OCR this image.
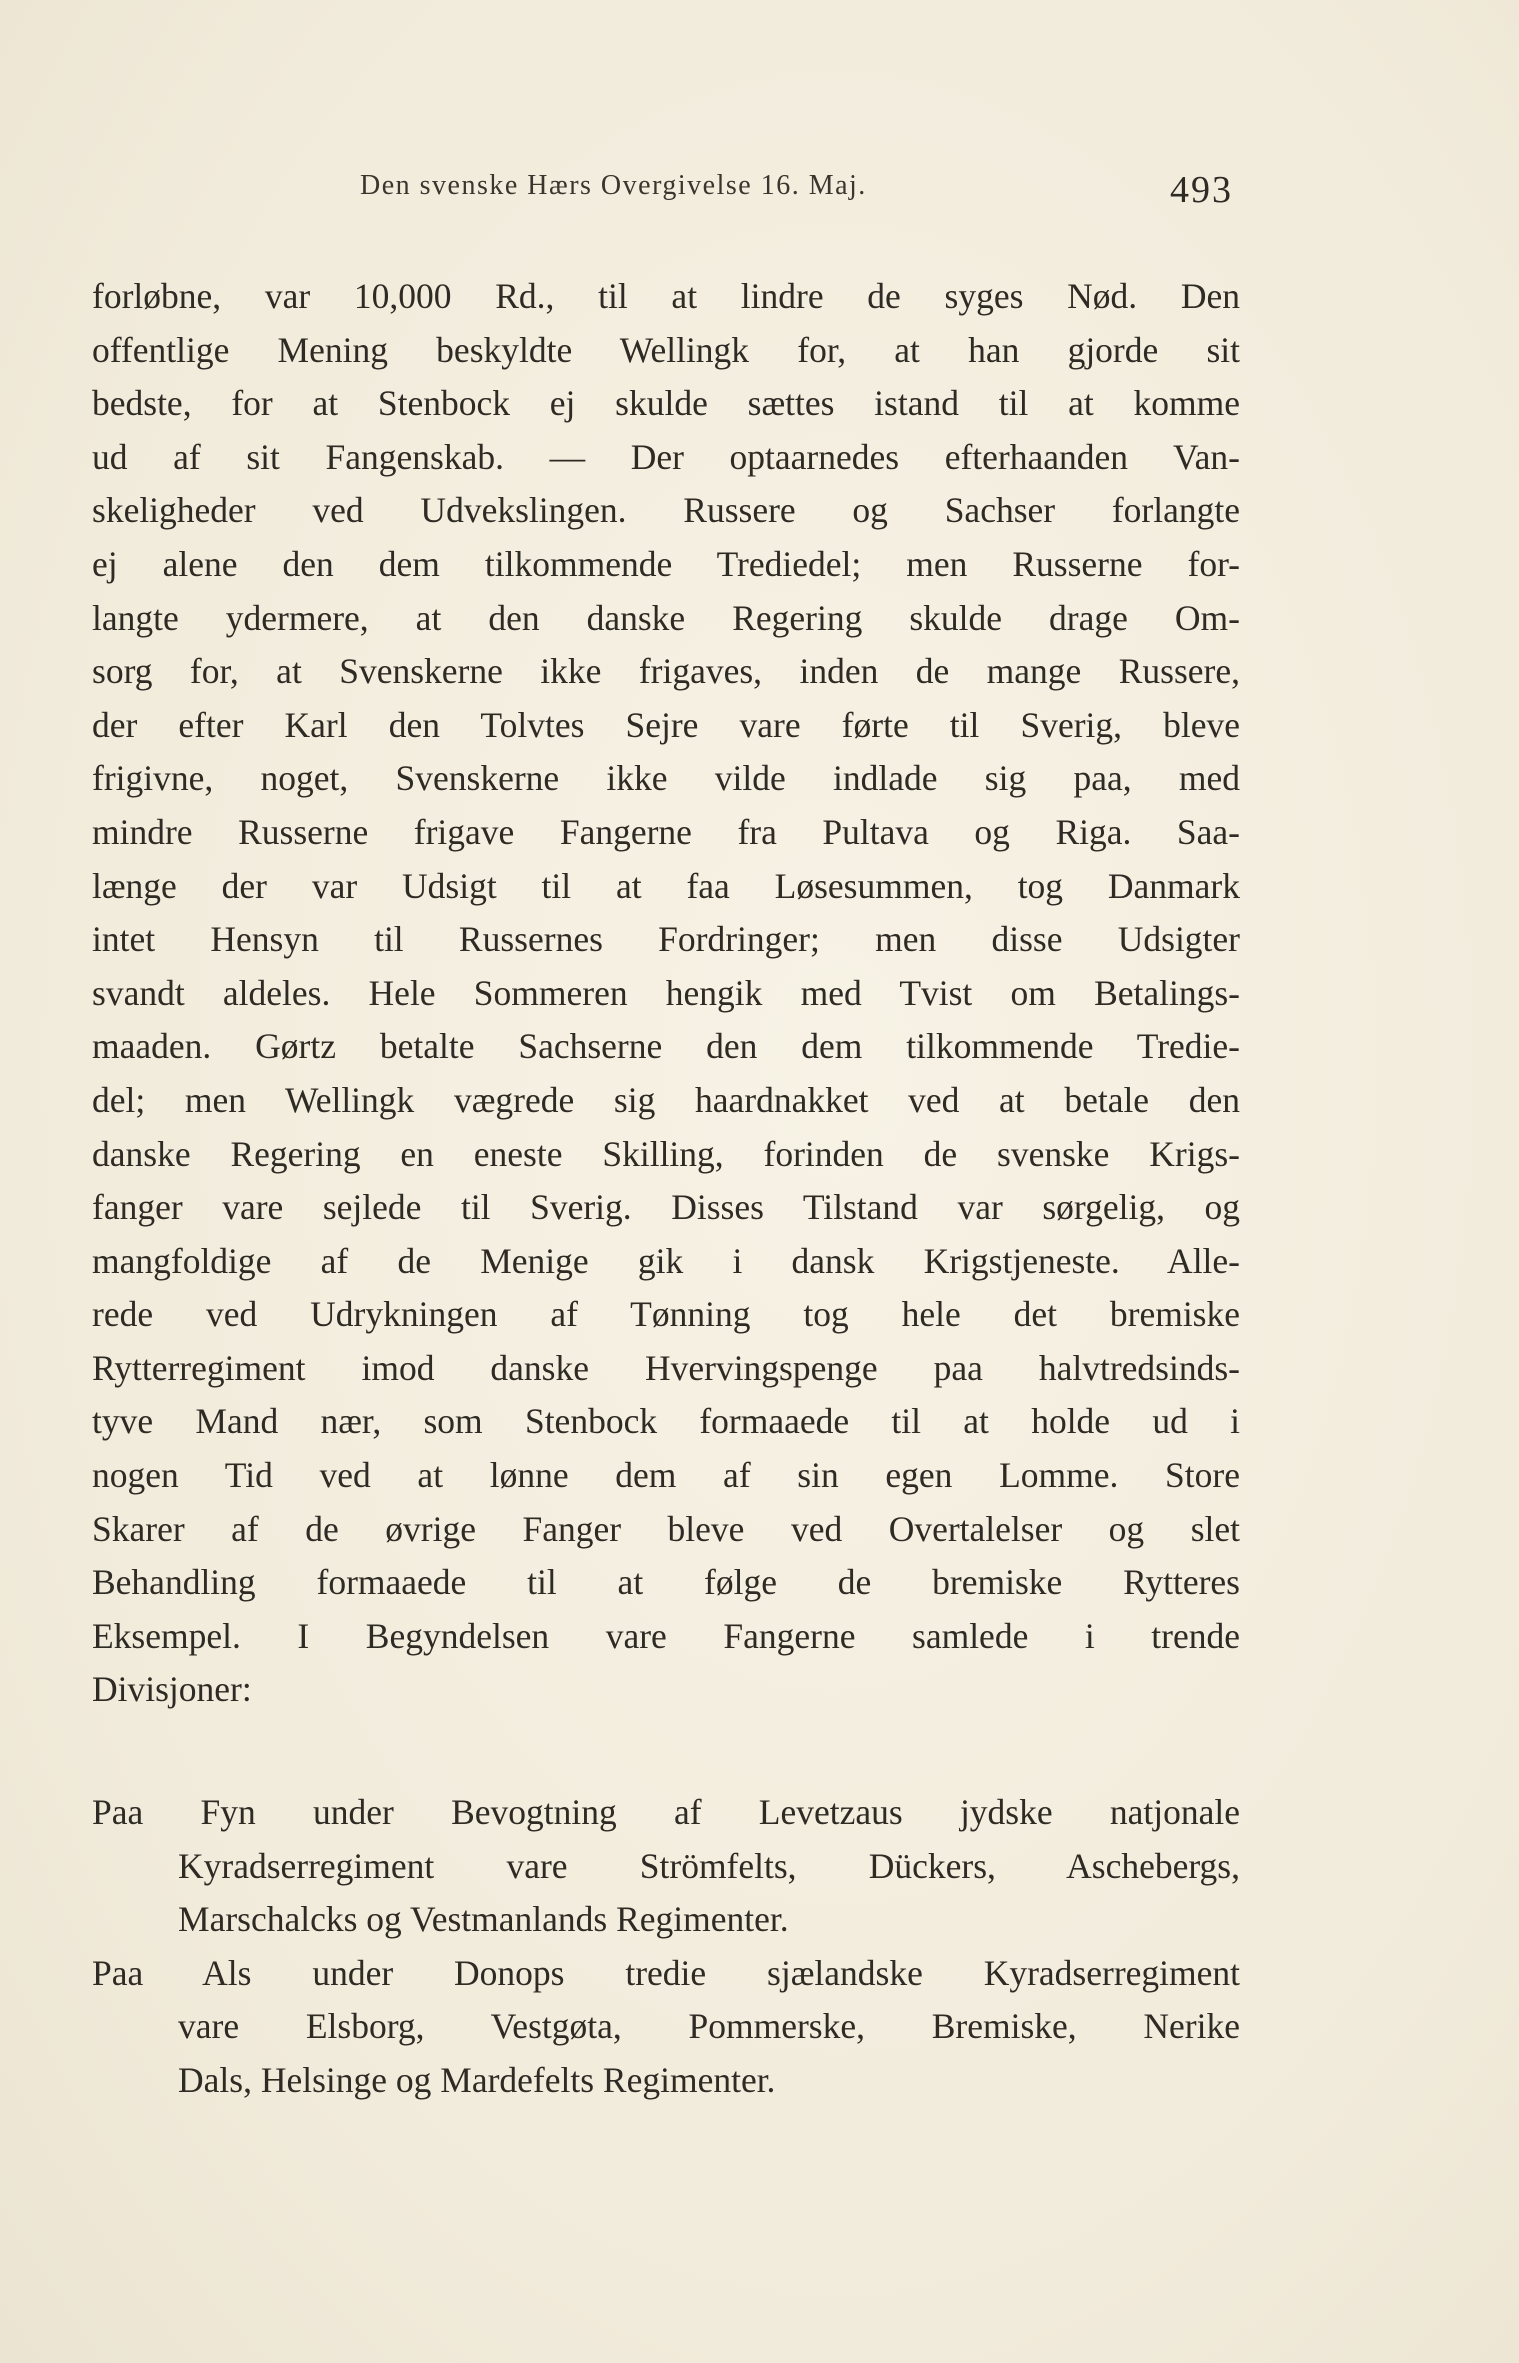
Den svenske Hærs Overgivelse 16. Maj.	493
forløbne, var 10,000 Rd., til at lindre de syges Nød. Den
offentlige Mening beskyldte Wellingk for, at han gjorde sit
bedste, for at Stenbock ej skulde sættes istand til at komme
ud af sit Fangenskab. — Der optaarnedes efterhaanden Van-
skeligheder ved Udvekslingen. Russere og Sachser forlangte
ej alene den dem tilkommende Trediedel; men Russerne for-
langte ydermere, at den danske Regering skulde drage Om-
sorg for, at Svenskerne ikke frigaves, inden de mange Russere,
der efter Karl den Tolvtes Sejre vare førte til Sverig, bleve
frigivne, noget, Svenskerne ikke vilde indlade sig paa, med
mindre Russerne frigave Fangerne fra Pultava og Riga. Saa-
længe der var Udsigt til at faa Løsesummen, tog Danmark
intet Hensyn til Russernes Fordringer; men disse Udsigter
svandt aldeles. Hele Sommeren hengik med Tvist om Betalings-
maaden. Gørtz betalte Sachserne den dem tilkommende Tredie-
del; men Wellingk vægrede sig haardnakket ved at betale den
danske Regering en eneste Skilling, forinden de svenske Krigs-
fanger vare sejlede til Sverig. Disses Tilstand var sørgelig, og
mangfoldige af de Menige gik i dansk Krigstjeneste. Alle-
rede ved Udrykningen af Tønning tog hele det bremiske
Rytterregiment imod danske Hvervingspenge paa halvtredsinds-
tyve Mand nær, som Stenbock formaaede til at holde ud i
nogen Tid ved at lønne dem af sin egen Lomme. Store
Skarer af de øvrige Fanger bleve ved Overtalelser og slet
Behandling formaaede til at følge de bremiske Rytteres
Eksempel. I Begyndelsen vare Fangerne samlede i trende
Divisjoner:
Paa Fyn under Bevogtning af Levetzaus jydske natjonale
Kyradserregiment vare Strömfelts, Dückers, Aschebergs,
Marschalcks og Vestmanlands Regimenter.
Paa Als under Donops tredie sjælandske Kyradserregiment
vare Elsborg, Vestgøta, Pommerske, Bremiske, Nerike
Dals, Helsinge og Mardefelts Regimenter.
